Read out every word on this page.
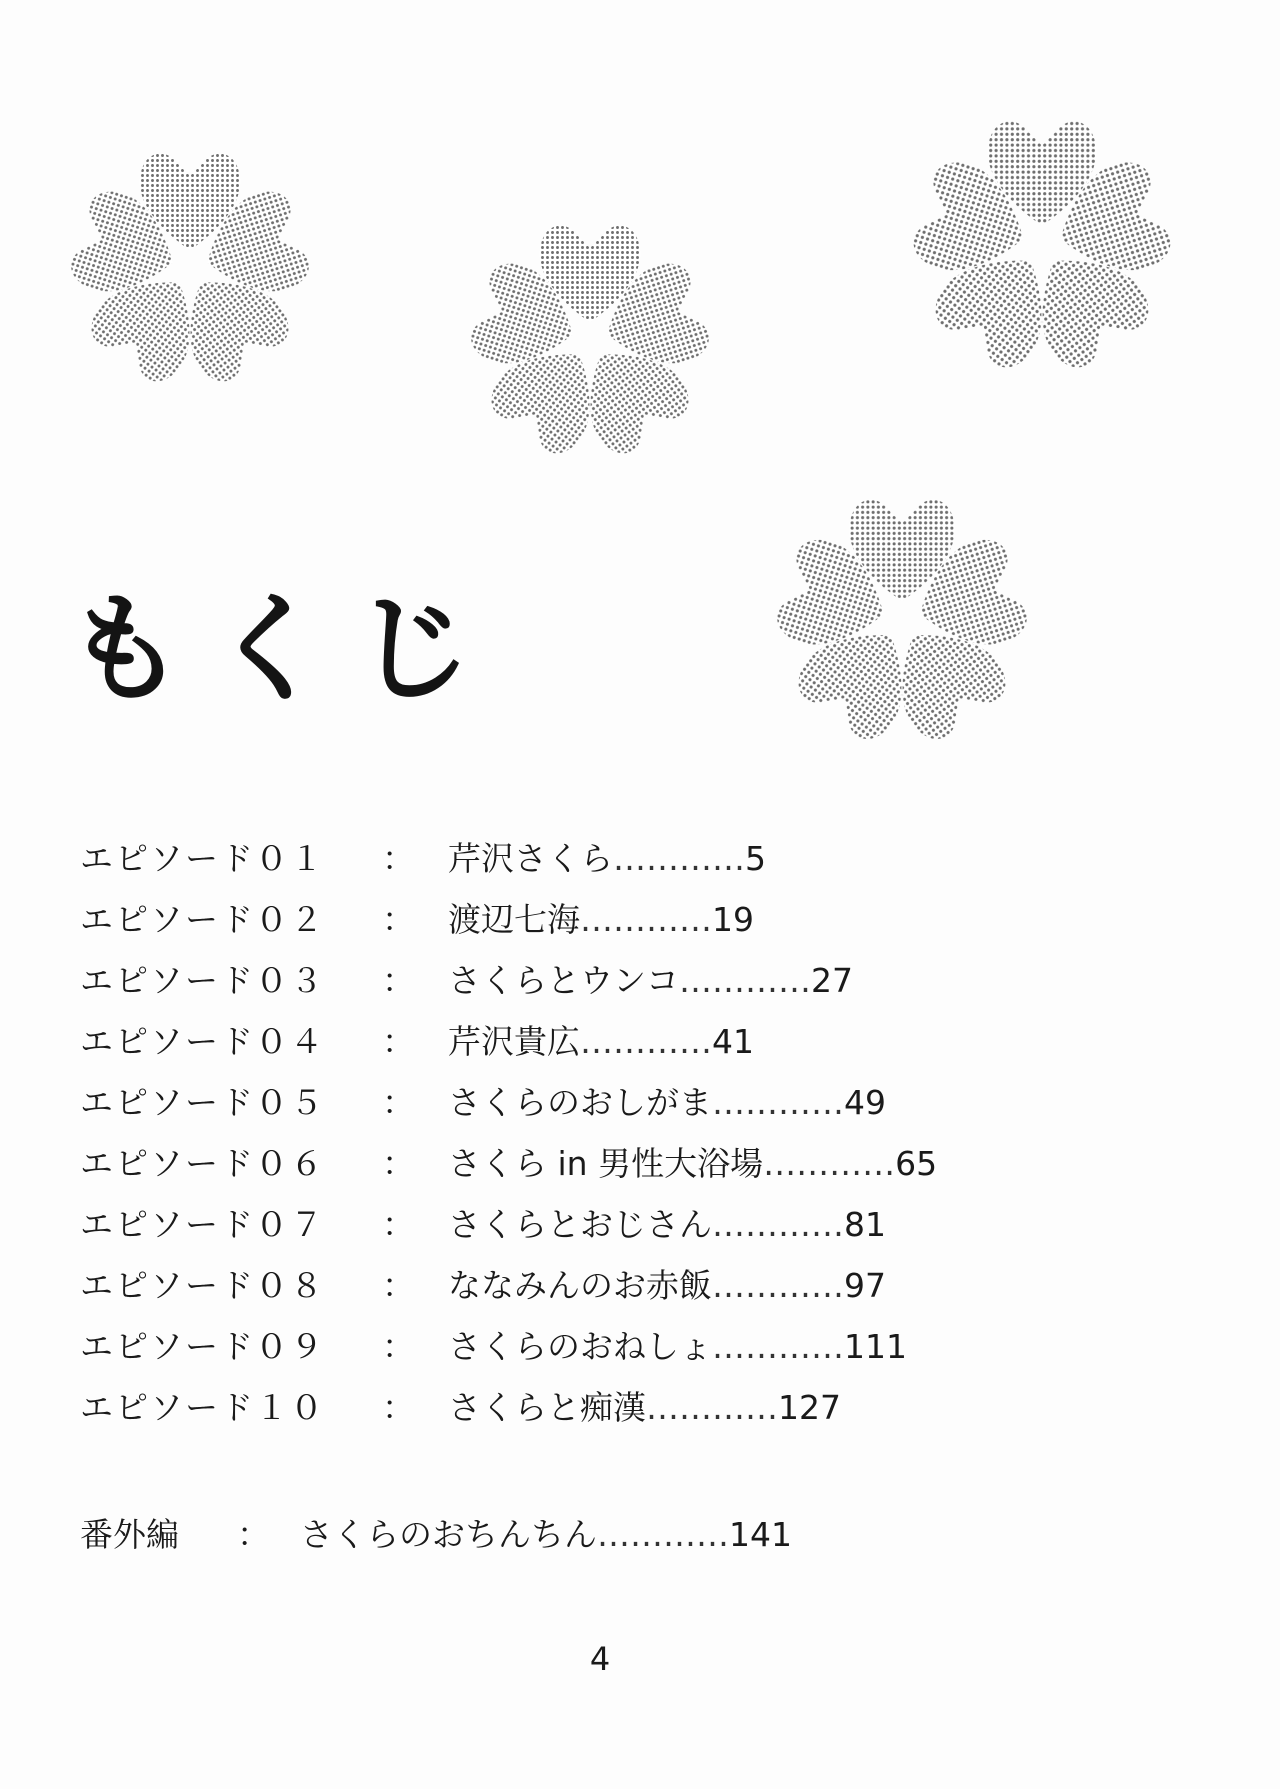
もくじ
エピソード０１ ： 芹沢さくら…………5
エピソード０２ ： 渡辺七海…………19
エピソード０３ ： さくらとウンコ…………27
エピソード０４ ： 芹沢貴広…………41
エピソード０５ ： さくらのおしがま…………49
エピソード０６ ： さくら in 男性大浴場…………65
エピソード０７ ： さくらとおじさん…………81
エピソード０８ ： ななみんのお赤飯…………97
エピソード０９ ： さくらのおねしょ…………111
エピソード１０ ： さくらと痴漢…………127
番外編 ： さくらのおちんちん…………141
4
